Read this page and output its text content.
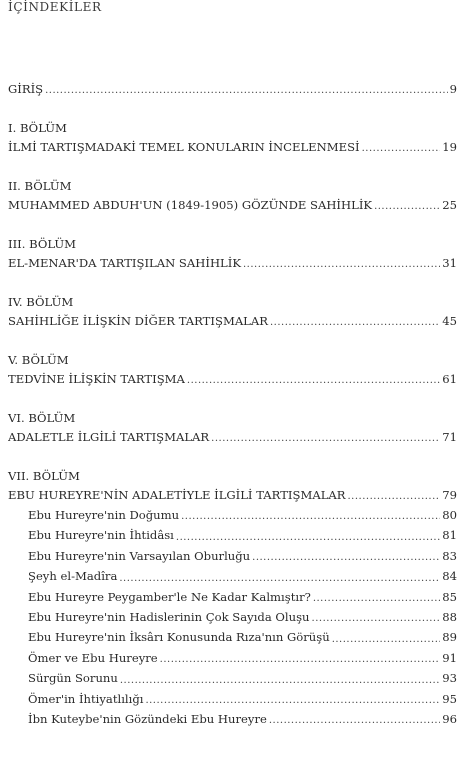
İÇİNDEKİLER
GİRİŞ .....	9
I. BÖLÜM
İLMİ TARTIŞMADAKİ TEMEL KONULARIN İNCELENMESİ .....	19
II. BÖLÜM
MUHAMMED ABDUH'UN (1849-1905) GÖZÜNDE SAHİHLİK .....	25
III. BÖLÜM
EL-MENAR'DA TARTIŞILAN SAHİHLİK .....	31
IV. BÖLÜM
SAHİHLİĞE İLİŞKİN DİĞER TARTIŞMALAR .....	45
V. BÖLÜM
TEDVİNE İLİŞKİN TARTIŞMA .....	61
VI. BÖLÜM
ADALETLE İLGİLİ TARTIŞMALAR .....	71
VII. BÖLÜM
EBU HUREYRE'NİN ADALETİYLE İLGİLİ TARTIŞMALAR .....	79
Ebu Hureyre'nin Doğumu .....	80
Ebu Hureyre'nin İhtidâsı .....	81
Ebu Hureyre'nin Varsayılan Oburluğu .....	83
Şeyh el-Madîra .....	84
Ebu Hureyre Peygamber'le Ne Kadar Kalmıştır? .....	85
Ebu Hureyre'nin Hadislerinin Çok Sayıda Oluşu .....	88
Ebu Hureyre'nin İksârı Konusunda Rıza'nın Görüşü .....	89
Ömer ve Ebu Hureyre .....	91
Sürgün Sorunu .....	93
Ömer'in İhtiyatlılığı .....	95
İbn Kuteybe'nin Gözündeki Ebu Hureyre .....	96
